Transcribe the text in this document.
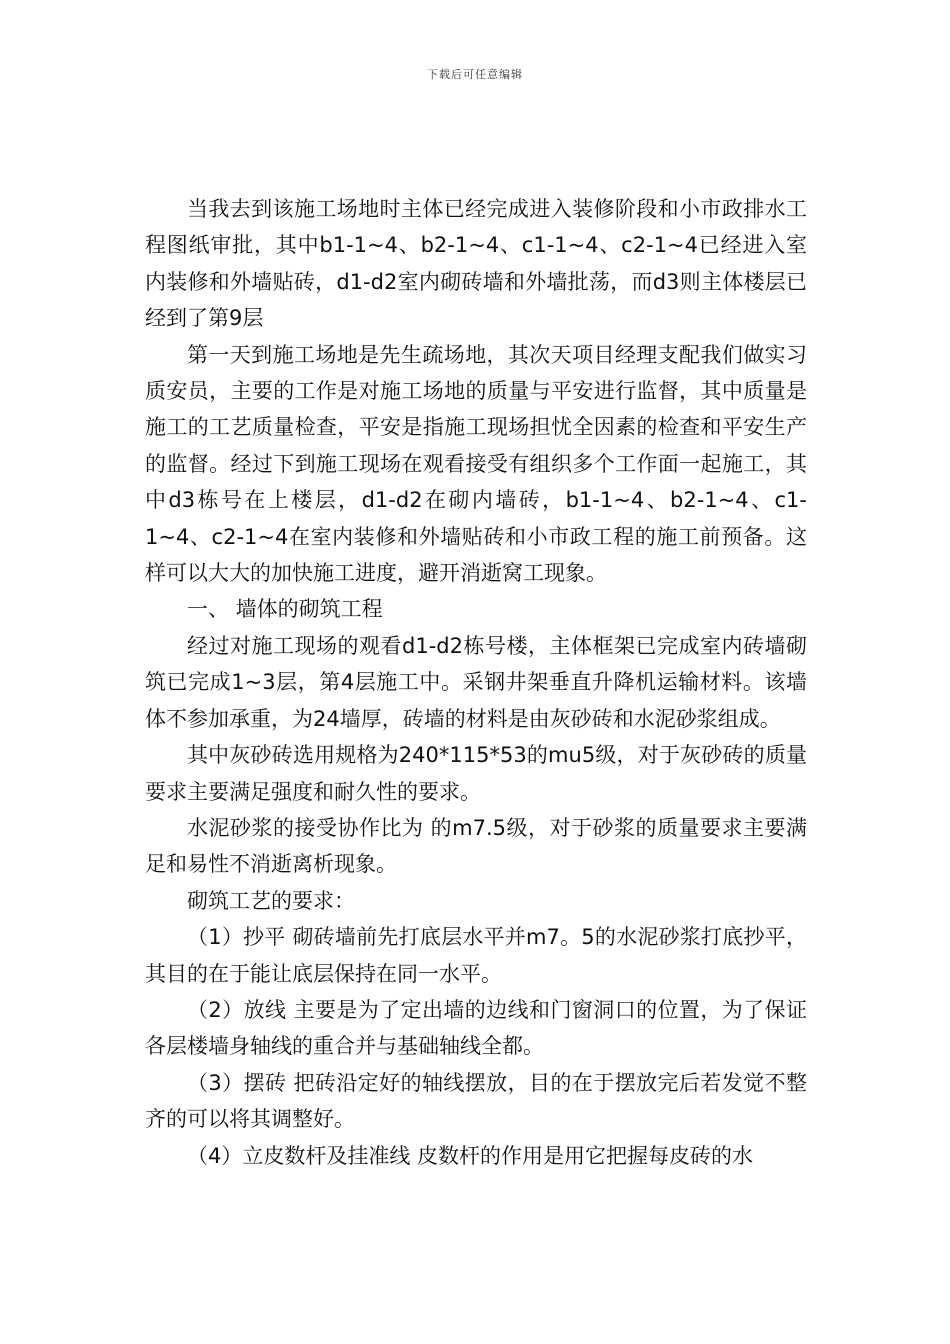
下载后可任意编辑

当我去到该施工场地时主体已经完成进入装修阶段和小市政排水工程图纸审批，其中b1-1~4、b2-1~4、c1-1~4、c2-1~4已经进入室内装修和外墙贴砖，d1-d2室内砌砖墙和外墙批荡，而d3则主体楼层已经到了第9层

第一天到施工场地是先生疏场地，其次天项目经理支配我们做实习 质安员，主要的工作是对施工场地的质量与平安进行监督，其中质量是施工的工艺质量检查，平安是指施工现场担忧全因素的检查和平安生产的监督。经过下到施工现场在观看接受有组织多个工作面一起施工，其中d3栋号在上楼层，d1-d2在砌内墙砖，b1-1~4、b2-1~4、c1-1~4、c2-1~4在室内装修和外墙贴砖和小市政工程的施工前预备。这样可以大大的加快施工进度，避开消逝窝工现象。

一、 墙体的砌筑工程

经过对施工现场的观看d1-d2栋号楼，主体框架已完成室内砖墙砌筑已完成1~3层，第4层施工中。采钢井架垂直升降机运输材料。该墙体不参加承重，为24墙厚，砖墙的材料是由灰砂砖和水泥砂浆组成。

其中灰砂砖选用规格为240*115*53的mu5级，对于灰砂砖的质量要求主要满足强度和耐久性的要求。

水泥砂浆的接受协作比为 的m7.5级，对于砂浆的质量要求主要满足和易性不消逝离析现象。

砌筑工艺的要求：

（1）抄平 砌砖墙前先打底层水平并m7。5的水泥砂浆打底抄平，其目的在于能让底层保持在同一水平。

（2）放线 主要是为了定出墙的边线和门窗洞口的位置，为了保证各层楼墙身轴线的重合并与基础轴线全都。

（3）摆砖 把砖沿定好的轴线摆放，目的在于摆放完后若发觉不整齐的可以将其调整好。

（4）立皮数杆及挂准线 皮数杆的作用是用它把握每皮砖的水
